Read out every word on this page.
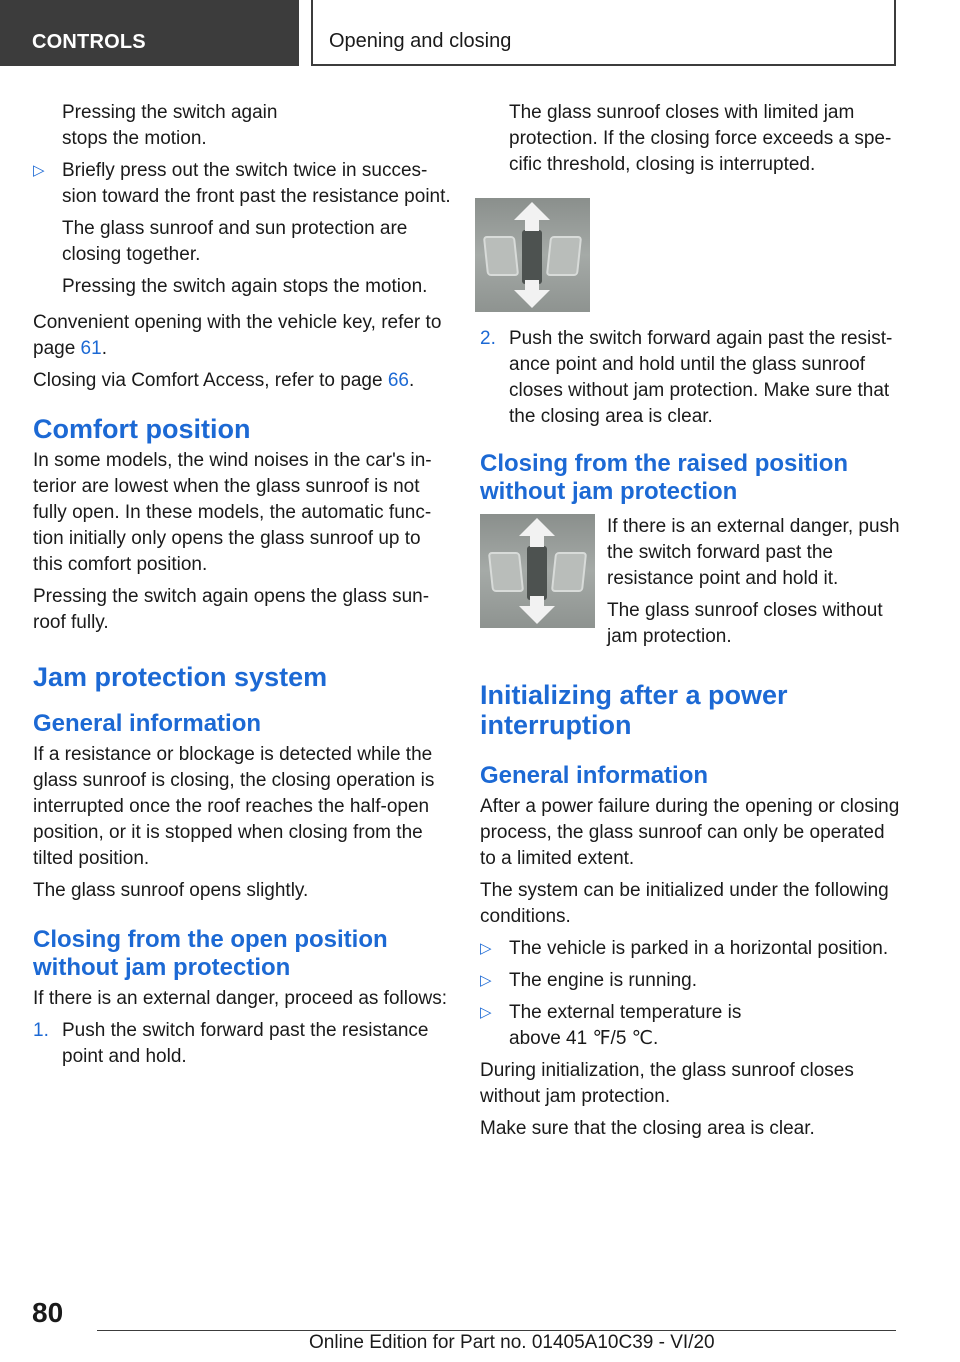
CONTROLS	Opening and closing

Pressing the switch again stops the motion.

▷ Briefly press out the switch twice in succession toward the front past the resistance point.

The glass sunroof and sun protection are closing together.

Pressing the switch again stops the motion.

Convenient opening with the vehicle key, refer to page 61.

Closing via Comfort Access, refer to page 66.

Comfort position

In some models, the wind noises in the car's interior are lowest when the glass sunroof is not fully open. In these models, the automatic function initially only opens the glass sunroof up to this comfort position.

Pressing the switch again opens the glass sunroof fully.

Jam protection system
General information

If a resistance or blockage is detected while the glass sunroof is closing, the closing operation is interrupted once the roof reaches the half-open position, or it is stopped when closing from the tilted position.

The glass sunroof opens slightly.

Closing from the open position without jam protection

If there is an external danger, proceed as follows:

1. Push the switch forward past the resistance point and hold.

The glass sunroof closes with limited jam protection. If the closing force exceeds a specific threshold, closing is interrupted.

2. Push the switch forward again past the resistance point and hold until the glass sunroof closes without jam protection. Make sure that the closing area is clear.
Closing from the raised position without jam protection

If there is an external danger, push the switch forward past the resistance point and hold it.

The glass sunroof closes without jam protection.

Initializing after a power interruption
General information

After a power failure during the opening or closing process, the glass sunroof can only be operated to a limited extent.

The system can be initialized under the following conditions.

▷ The vehicle is parked in a horizontal position.
▷ The engine is running.
▷ The external temperature is above 41 ℉/5 ℃.

During initialization, the glass sunroof closes without jam protection.

Make sure that the closing area is clear.

80
Online Edition for Part no. 01405A10C39 - VI/20
